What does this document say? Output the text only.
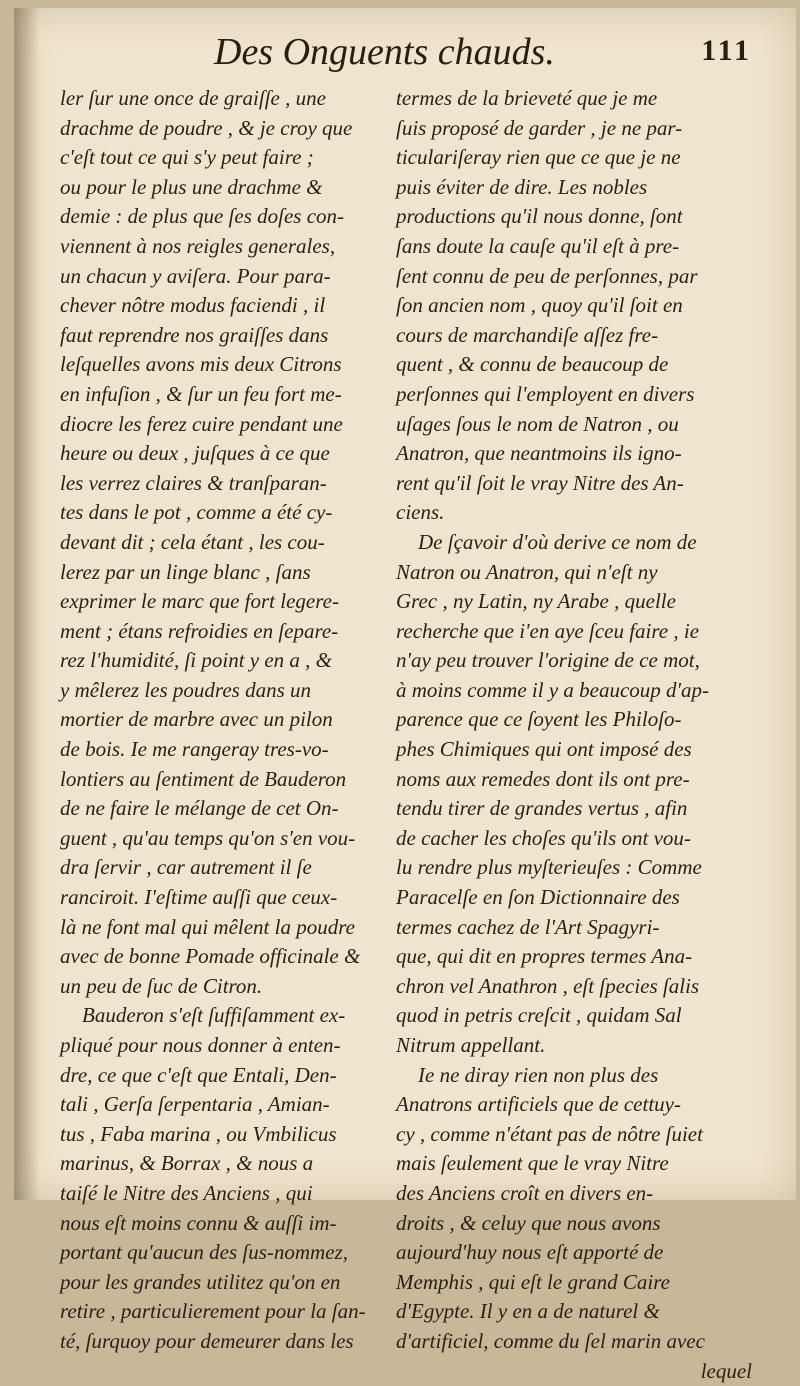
Des Onguents chauds.	111
ler ſur une once de graiſſe , une
drachme de poudre , & je croy que
c'eſt tout ce qui s'y peut faire ;
ou pour le plus une drachme &
demie : de plus que ſes doſes con-
viennent à nos reigles generales,
un chacun y aviſera. Pour para-
chever nôtre modus faciendi , il
faut reprendre nos graiſſes dans
leſquelles avons mis deux Citrons
en infuſion , & ſur un feu fort me-
diocre les ferez cuire pendant une
heure ou deux , juſques à ce que
les verrez claires & tranſparan-
tes dans le pot , comme a été cy-
devant dit ; cela étant , les cou-
lerez par un linge blanc , ſans
exprimer le marc que fort legere-
ment ; étans refroidies en ſepare-
rez l'humidité, ſi point y en a , &
y mêlerez les poudres dans un
mortier de marbre avec un pilon
de bois. Ie me rangeray tres-vo-
lontiers au ſentiment de Bauderon
de ne faire le mélange de cet On-
guent , qu'au temps qu'on s'en vou-
dra ſervir , car autrement il ſe
ranciroit. I'eſtime auſſi que ceux-
là ne font mal qui mêlent la poudre
avec de bonne Pomade officinale &
un peu de ſuc de Citron.
Bauderon s'eſt ſuffiſamment ex-
pliqué pour nous donner à enten-
dre, ce que c'eſt que Entali, Den-
tali , Gerſa ſerpentaria , Amian-
tus , Faba marina , ou Vmbilicus
marinus, & Borrax , & nous a
taiſé le Nitre des Anciens , qui
nous eſt moins connu & auſſi im-
portant qu'aucun des ſus-nommez,
pour les grandes utilitez qu'on en
retire , particulierement pour la ſan-
té, ſurquoy pour demeurer dans les
termes de la brieveté que je me
ſuis proposé de garder , je ne par-
ticulariſeray rien que ce que je ne
puis éviter de dire. Les nobles
productions qu'il nous donne, ſont
ſans doute la cauſe qu'il eſt à pre-
ſent connu de peu de perſonnes, par
ſon ancien nom , quoy qu'il ſoit en
cours de marchandiſe aſſez fre-
quent , & connu de beaucoup de
perſonnes qui l'employent en divers
uſages ſous le nom de Natron , ou
Anatron, que neantmoins ils igno-
rent qu'il ſoit le vray Nitre des An-
ciens.
De ſçavoir d'où derive ce nom de
Natron ou Anatron, qui n'eſt ny
Grec , ny Latin, ny Arabe , quelle
recherche que i'en aye ſceu faire , ie
n'ay peu trouver l'origine de ce mot,
à moins comme il y a beaucoup d'ap-
parence que ce ſoyent les Philoſo-
phes Chimiques qui ont imposé des
noms aux remedes dont ils ont pre-
tendu tirer de grandes vertus , afin
de cacher les choſes qu'ils ont vou-
lu rendre plus myſterieuſes : Comme
Paracelſe en ſon Dictionnaire des
termes cachez de l'Art Spagyri-
que, qui dit en propres termes Ana-
chron vel Anathron , eſt ſpecies ſalis
quod in petris creſcit , quidam Sal
Nitrum appellant.
Ie ne diray rien non plus des
Anatrons artificiels que de cettuy-
cy , comme n'étant pas de nôtre ſuiet
mais ſeulement que le vray Nitre
des Anciens croît en divers en-
droits , & celuy que nous avons
aujourd'huy nous eſt apporté de
Memphis , qui eſt le grand Caire
d'Egypte. Il y en a de naturel &
d'artificiel, comme du ſel marin avec
lequel
